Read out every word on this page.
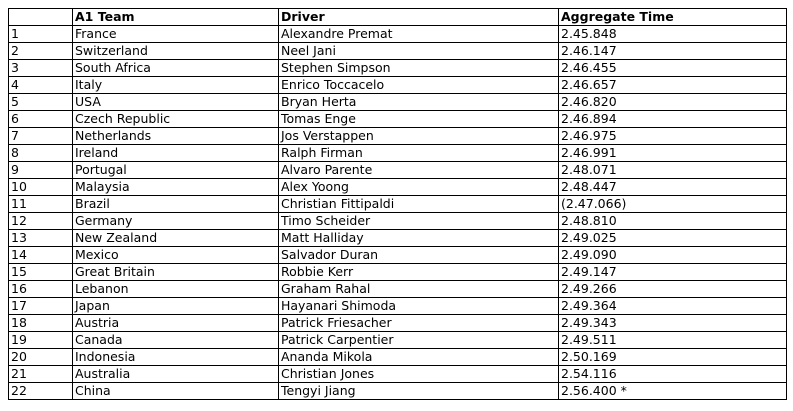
	A1 Team	Driver	Aggregate Time
1	France	Alexandre Premat	2.45.848
2	Switzerland	Neel Jani	2.46.147
3	South Africa	Stephen Simpson	2.46.455
4	Italy	Enrico Toccacelo	2.46.657
5	USA	Bryan Herta	2.46.820
6	Czech Republic	Tomas Enge	2.46.894
7	Netherlands	Jos Verstappen	2.46.975
8	Ireland	Ralph Firman	2.46.991
9	Portugal	Alvaro Parente	2.48.071
10	Malaysia	Alex Yoong	2.48.447
11	Brazil	Christian Fittipaldi	(2.47.066)
12	Germany	Timo Scheider	2.48.810
13	New Zealand	Matt Halliday	2.49.025
14	Mexico	Salvador Duran	2.49.090
15	Great Britain	Robbie Kerr	2.49.147
16	Lebanon	Graham Rahal	2.49.266
17	Japan	Hayanari Shimoda	2.49.364
18	Austria	Patrick Friesacher	2.49.343
19	Canada	Patrick Carpentier	2.49.511
20	Indonesia	Ananda Mikola	2.50.169
21	Australia	Christian Jones	2.54.116
22	China	Tengyi Jiang	2.56.400 *
